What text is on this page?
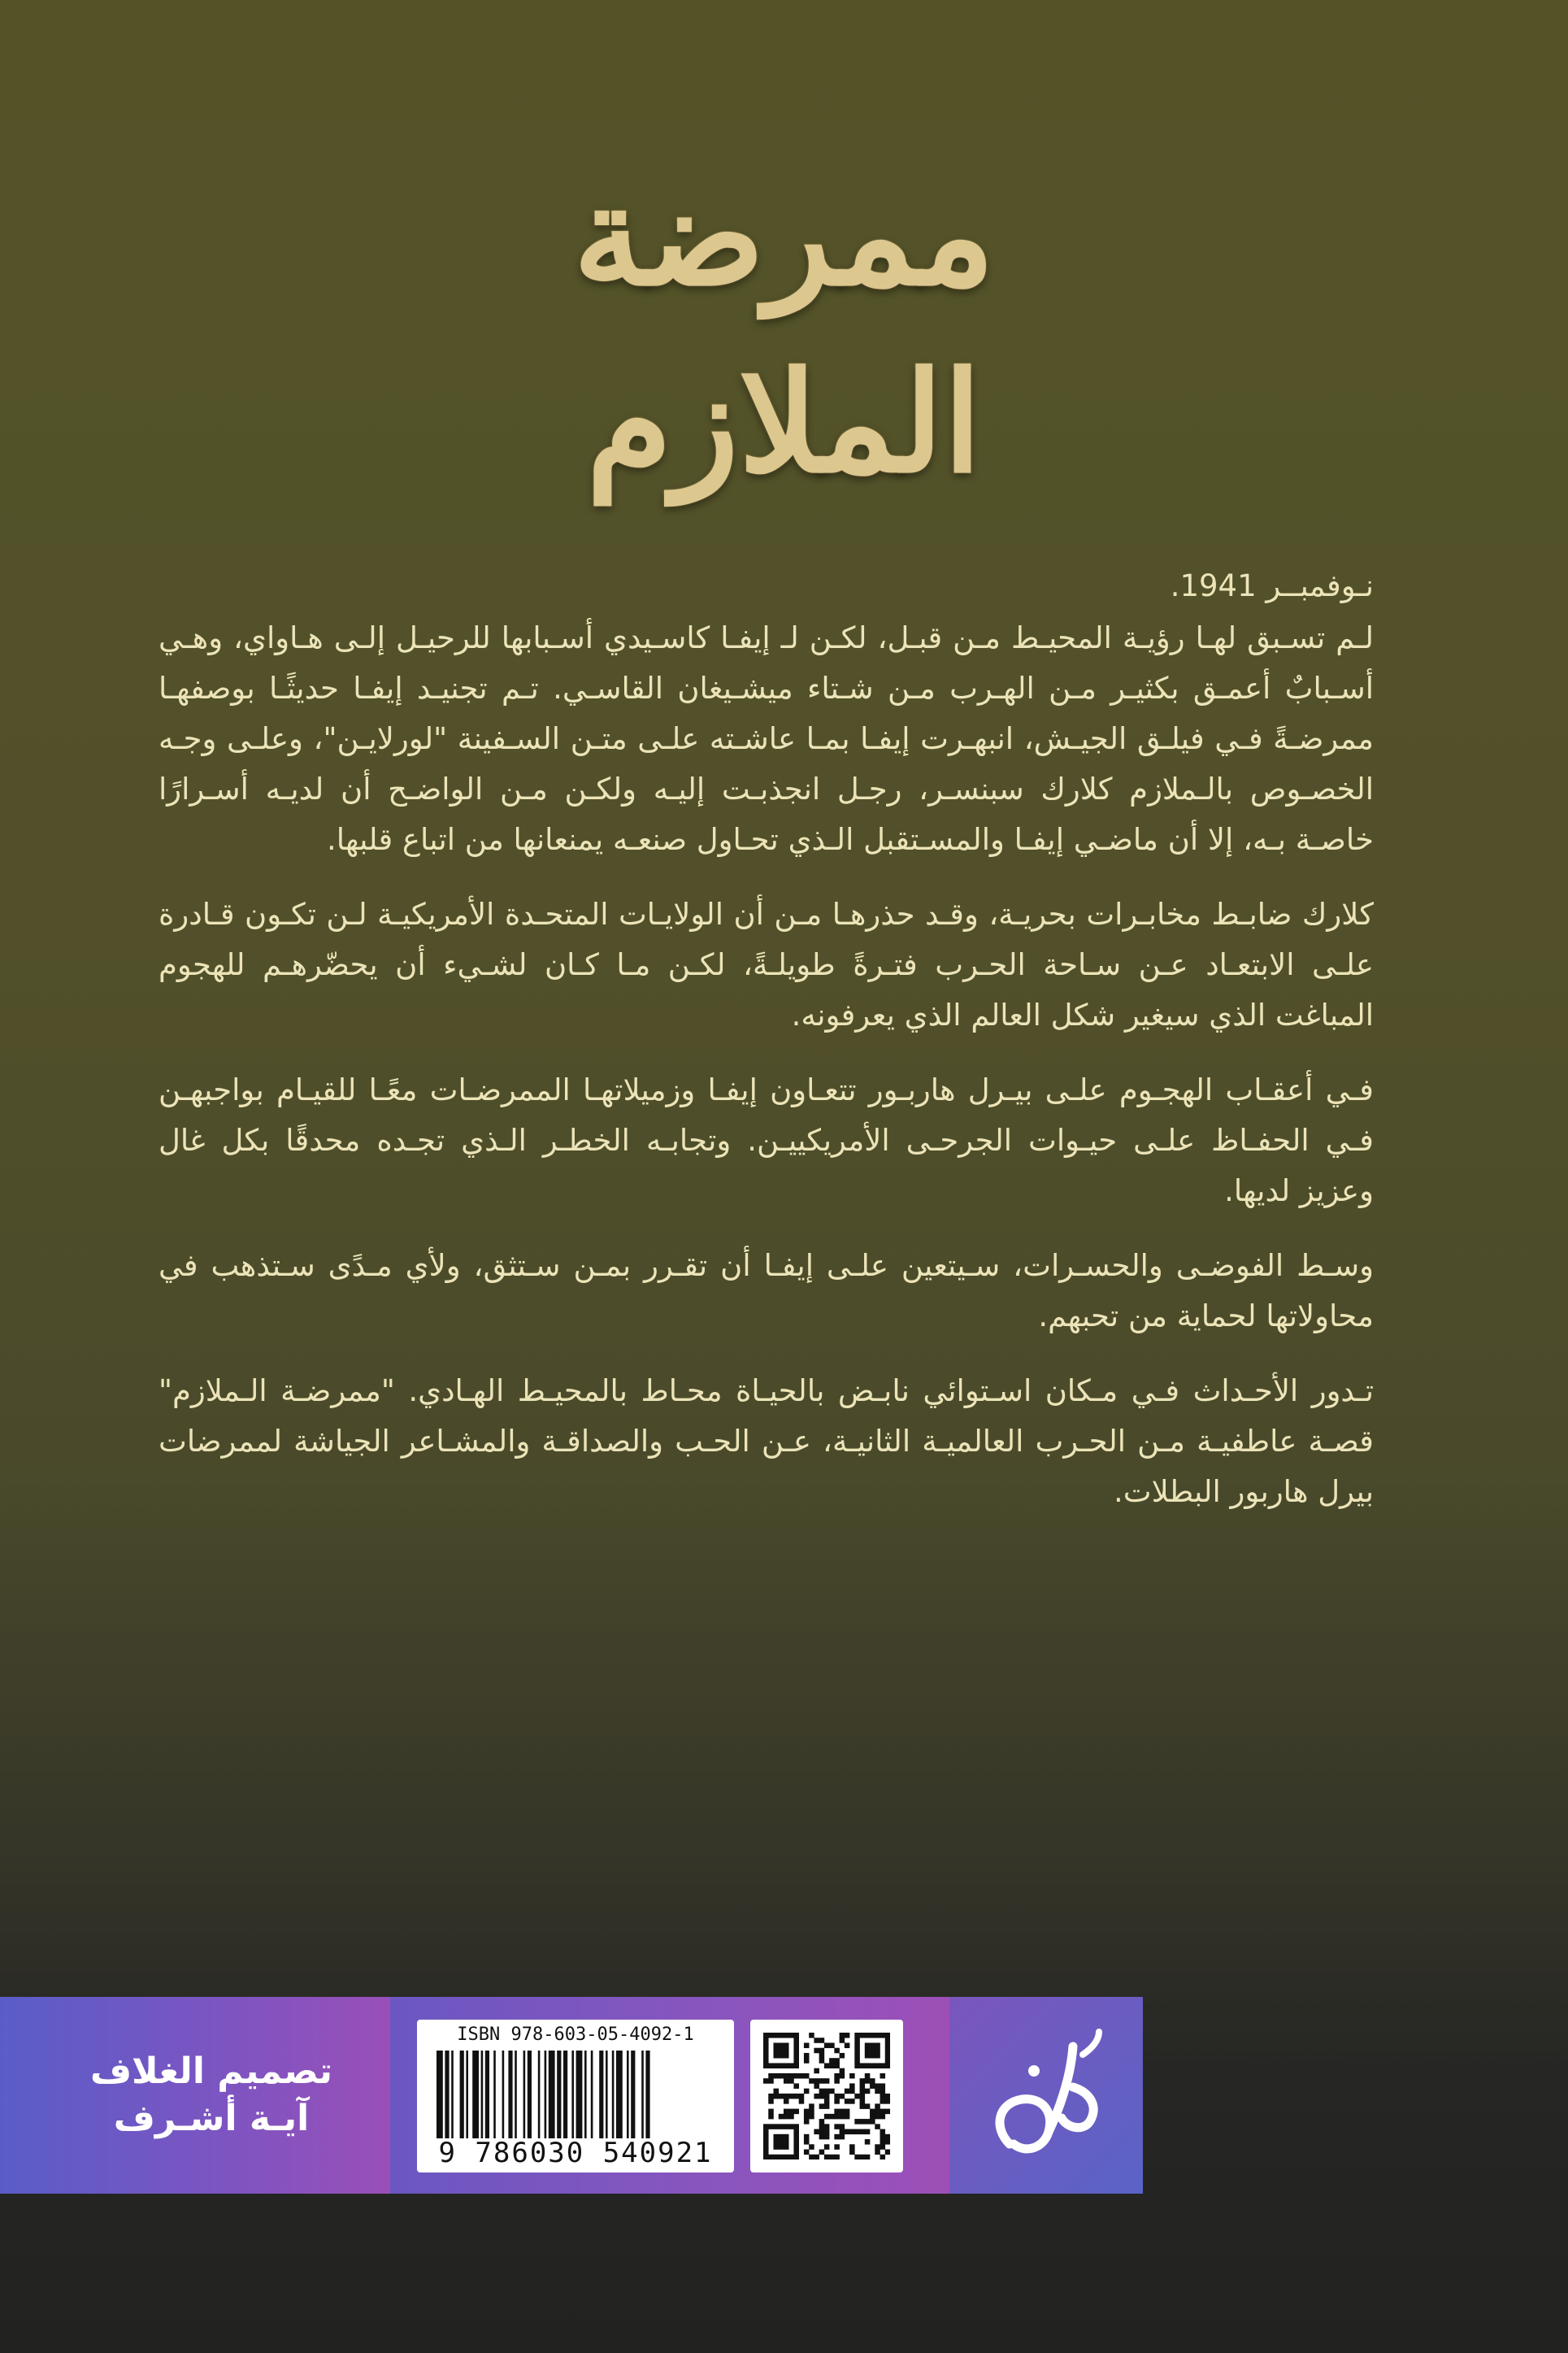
ممرضة
الملازم

نـوفمبــر 1941.

لـم تسـبق لهـا رؤيـة المحيـط مـن قبـل، لكـن لـ إيفـا كاسـيدي أسـبابها للرحيـل إلـى هـاواي، وهـي أسـبابٌ أعمـق بكثيـر مـن الهـرب مـن شـتاء ميشـيغان القاسـي. تـم تجنيـد إيفـا حديثًـا بوصفهـا ممرضـةً فـي فيلـق الجيـش، انبهـرت إيفـا بمـا عاشـته علـى متـن السـفينة "لورلايـن"، وعلـى وجـه الخصـوص بالـملازم كلارك سبنسـر، رجـل انجذبـت إليـه ولكـن مـن الواضـح أن لديـه أسـرارًا خاصـة بـه، إلا أن ماضـي إيفـا والمسـتقبل الـذي تحـاول صنعـه يمنعانها من اتباع قلبها.

كلارك ضابـط مخابـرات بحريـة، وقـد حذرهـا مـن أن الولايـات المتحـدة الأمريكيـة لـن تكـون قـادرة علـى الابتعـاد عـن سـاحة الحـرب فتـرةً طويلـةً، لكـن مـا كـان لشـيء أن يحضّرهـم للهجوم المباغت الذي سيغير شكل العالم الذي يعرفونه.

فـي أعقـاب الهجـوم علـى بيـرل هاربـور تتعـاون إيفـا وزميلاتهـا الممرضـات معًـا للقيـام بواجبهـن فـي الحفـاظ علـى حيـوات الجرحـى الأمريكييـن. وتجابـه الخطـر الـذي تجـده محدقًا بكل غال وعزيز لديها.

وسـط الفوضـى والحسـرات، سـيتعين علـى إيفـا أن تقـرر بمـن سـتثق، ولأي مـدًى سـتذهب في محاولاتها لحماية من تحبهم.

تـدور الأحـداث فـي مـكان اسـتوائي نابـض بالحيـاة محـاط بالمحيـط الهـادي. "ممرضـة الـملازم" قصـة عاطفيـة مـن الحـرب العالميـة الثانيـة، عـن الحـب والصداقـة والمشـاعر الجياشة لممرضات بيرل هاربور البطلات.

تصميم الغلاف
آيـة أشـرف
ISBN 978-603-05-4092-1
9 786030 540921	طرس
